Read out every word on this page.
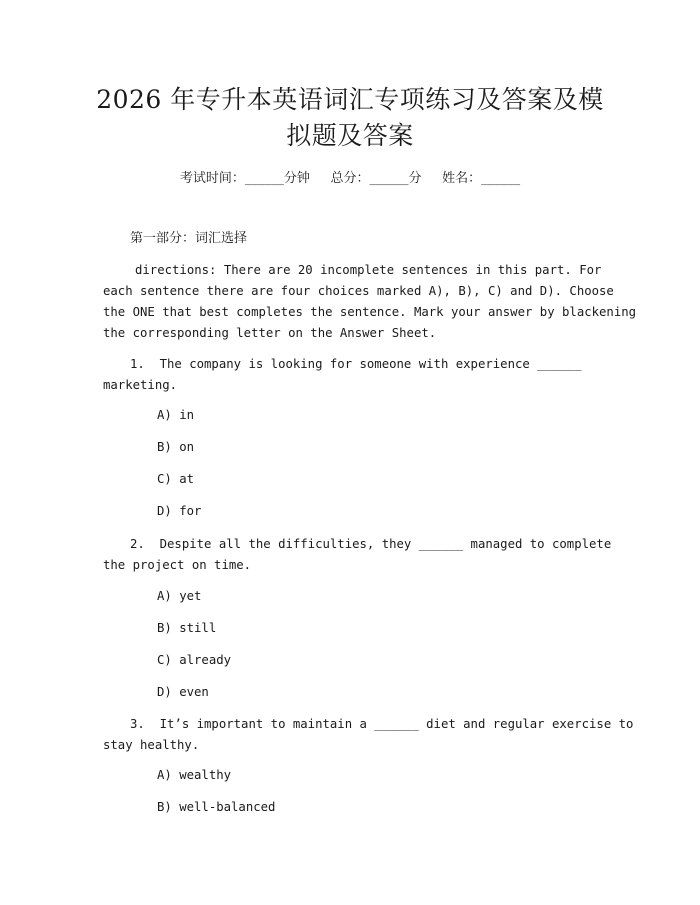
2026 年专升本英语词汇专项练习及答案及模
拟题及答案
考试时间：______分钟     总分：______分     姓名：______
第一部分：词汇选择
directions: There are 20 incomplete sentences in this part. For
each sentence there are four choices marked A), B), C) and D). Choose
the ONE that best completes the sentence. Mark your answer by blackening
the corresponding letter on the Answer Sheet.
1.  The company is looking for someone with experience ______
marketing.
A) in
B) on
C) at
D) for
2.  Despite all the difficulties, they ______ managed to complete
the project on time.
A) yet
B) still
C) already
D) even
3.  It’s important to maintain a ______ diet and regular exercise to
stay healthy.
A) wealthy
B) well-balanced
